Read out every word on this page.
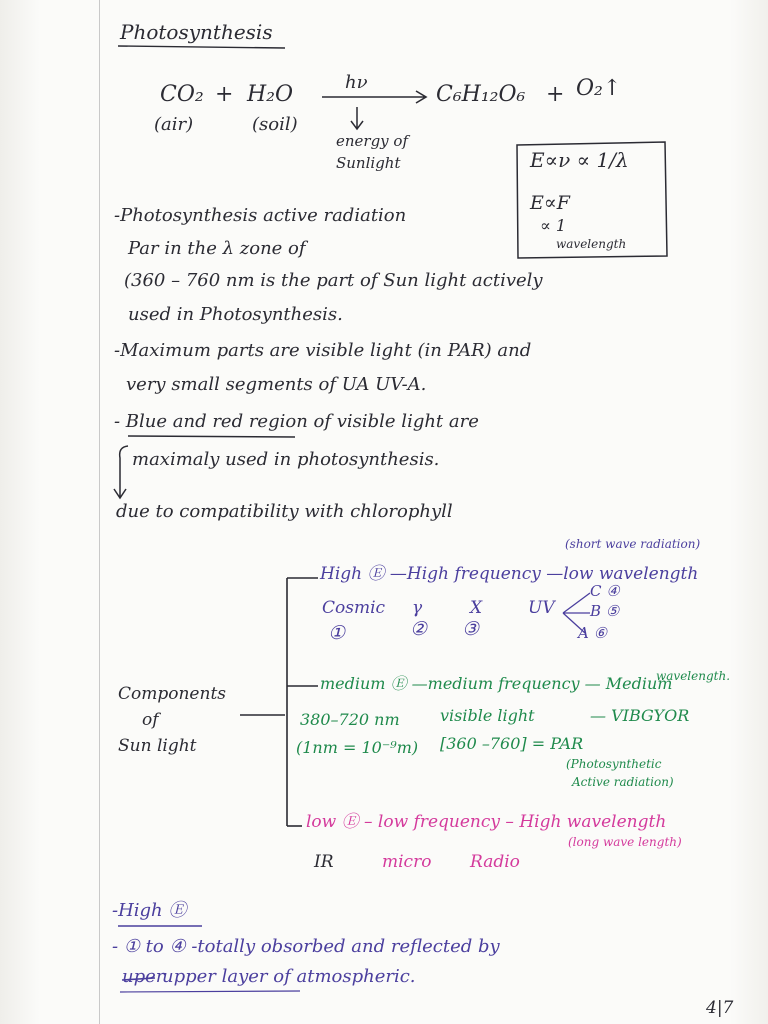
Photosynthesis
CO₂ + H₂O	hν	C₆H₁₂O₆ + O₂↑
(air)	(soil)
energy of
Sunlight	E∝ν ∝ 1/λ
E∝F
∝ 1
wavelength
-Photosynthesis active radiation
Par in the λ zone of
(360 – 760 nm is the part of Sun light actively
used in Photosynthesis.
-Maximum parts are visible light (in PAR) and
very small segments of UA UV-A.
- Blue and red region of visible light are
maximaly used in photosynthesis.
due to compatibility with chlorophyll
Components
of
Sun light
(short wave radiation)
High Ⓔ —High frequency —low wavelength
Cosmic γ	X	UV
①	② ③
C ④
B ⑤
A ⑥
medium Ⓔ —medium frequency — Medium
wavelength.
380–720 nm	visible light	— VIBGYOR
(1nm = 10⁻⁹m) [360 –760] = PAR
(Photosynthetic
Active radiation)
low Ⓔ – low frequency – High wavelength
(long wave length)
IR	micro Radio
-High Ⓔ
- ① to ④ -totally obsorbed and reflected by
uper
upper layer of atmospheric.
4|7
